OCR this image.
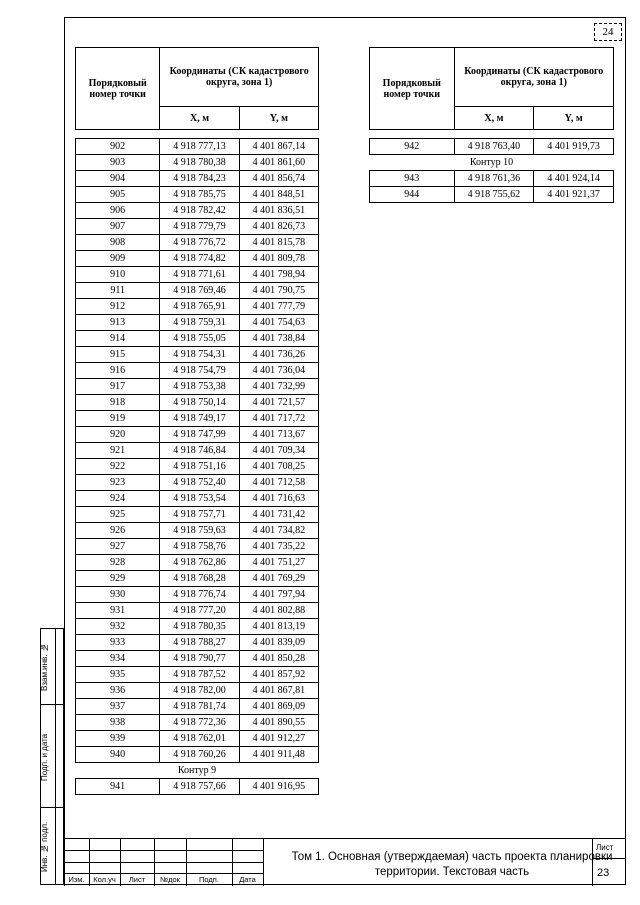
24
Порядковый номер точки	Координаты (СК кадастрового округа, зона 1)	
	X, м	Y, м

902	4 918 777,13	4 401 867,14
903	4 918 780,38	4 401 861,60
904	4 918 784,23	4 401 856,74
905	4 918 785,75	4 401 848,51
906	4 918 782,42	4 401 836,51
907	4 918 779,79	4 401 826,73
908	4 918 776,72	4 401 815,78
909	4 918 774,82	4 401 809,78
910	4 918 771,61	4 401 798,94
911	4 918 769,46	4 401 790,75
912	4 918 765,91	4 401 777,79
913	4 918 759,31	4 401 754,63
914	4 918 755,05	4 401 738,84
915	4 918 754,31	4 401 736,26
916	4 918 754,79	4 401 736,04
917	4 918 753,38	4 401 732,99
918	4 918 750,14	4 401 721,57
919	4 918 749,17	4 401 717,72
920	4 918 747,99	4 401 713,67
921	4 918 746,84	4 401 709,34
922	4 918 751,16	4 401 708,25
923	4 918 752,40	4 401 712,58
924	4 918 753,54	4 401 716,63
925	4 918 757,71	4 401 731,42
926	4 918 759,63	4 401 734,82
927	4 918 758,76	4 401 735,22
928	4 918 762,86	4 401 751,27
929	4 918 768,28	4 401 769,29
930	4 918 776,74	4 401 797,94
931	4 918 777,20	4 401 802,88
932	4 918 780,35	4 401 813,19
933	4 918 788,27	4 401 839,09
934	4 918 790,77	4 401 850,28
935	4 918 787,52	4 401 857,92
936	4 918 782,00	4 401 867,81
937	4 918 781,74	4 401 869,09
938	4 918 772,36	4 401 890,55
939	4 918 762,01	4 401 912,27
940	4 918 760,26	4 401 911,48
Контур 9		
941	4 918 757,66	4 401 916,95
Порядковый номер точки	Координаты (СК кадастрового округа, зона 1)	
	X, м	Y, м

942	4 918 763,40	4 401 919,73
Контур 10		
943	4 918 761,36	4 401 924,14
944	4 918 755,62	4 401 921,37
Взам.инв. №
Подп. и дата
Инв. № подл.
Изм.	Кол.уч	Лист	№док	Подп.	Дата
Том 1. Основная (утверждаемая) часть проекта планировки территории. Текстовая часть
Лист
23
